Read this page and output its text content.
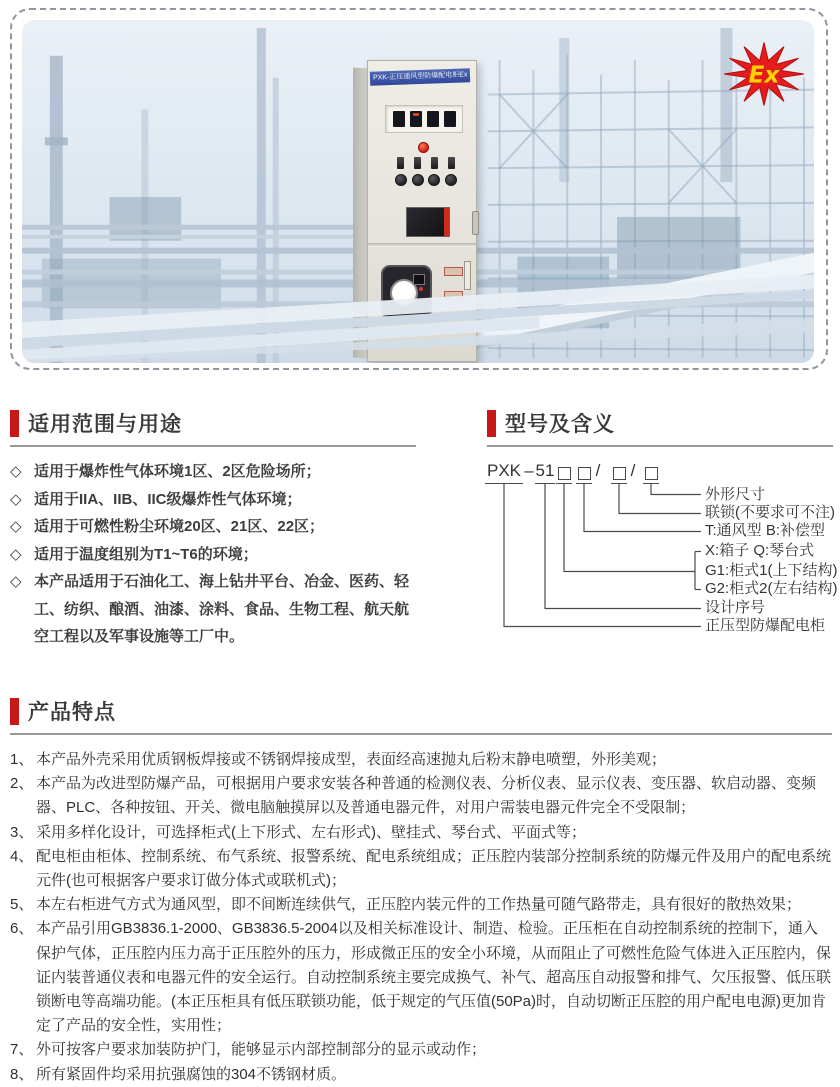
PXK-正压通风型防爆配电柜 Ex	Ex
适用范围与用途
◇ 适用于爆炸性气体环境1区、2区危险场所；
◇ 适用于IIA、IIB、IIC级爆炸性气体环境；
◇ 适用于可燃性粉尘环境20区、21区、22区；
◇ 适用于温度组别为T1~T6的环境；
◇ 本产品适用于石油化工、海上钻井平台、冶金、医药、轻工、纺织、酿酒、油漆、涂料、食品、生物工程、航天航空工程以及军事设施等工厂中。
型号及含义
PXK – 51 / /
外形尺寸
联锁(不要求可不注)
T:通风型 B:补偿型
X:箱子 Q:琴台式
G1:柜式1(上下结构)
G2:柜式2(左右结构)
设计序号
正压型防爆配电柜
产品特点
1、 本产品外壳采用优质钢板焊接或不锈钢焊接成型，表面经高速抛丸后粉末静电喷塑，外形美观；
2、 本产品为改进型防爆产品，可根据用户要求安装各种普通的检测仪表、分析仪表、显示仪表、变压器、软启动器、变频器、PLC、各种按钮、开关、微电脑触摸屏以及普通电器元件，对用户需装电器元件完全不受限制；
3、 采用多样化设计，可选择柜式(上下形式、左右形式)、壁挂式、琴台式、平面式等；
4、 配电柜由柜体、控制系统、布气系统、报警系统、配电系统组成；正压腔内装部分控制系统的防爆元件及用户的配电系统元件(也可根据客户要求订做分体式或联机式)；
5、 本左右柜进气方式为通风型，即不间断连续供气，正压腔内装元件的工作热量可随气路带走，具有很好的散热效果；
6、 本产品引用GB3836.1-2000、GB3836.5-2004以及相关标准设计、制造、检验。正压柜在自动控制系统的控制下，通入保护气体，正压腔内压力高于正压腔外的压力，形成微正压的安全小环境，从而阻止了可燃性危险气体进入正压腔内，保证内装普通仪表和电器元件的安全运行。自动控制系统主要完成换气、补气、超高压自动报警和排气、欠压报警、低压联锁断电等高端功能。(本正压柜具有低压联锁功能，低于规定的气压值(50Pa)时，自动切断正压腔的用户配电电源)更加肯定了产品的安全性，实用性；
7、 外可按客户要求加装防护门，能够显示内部控制部分的显示或动作；
8、 所有紧固件均采用抗强腐蚀的304不锈钢材质。
